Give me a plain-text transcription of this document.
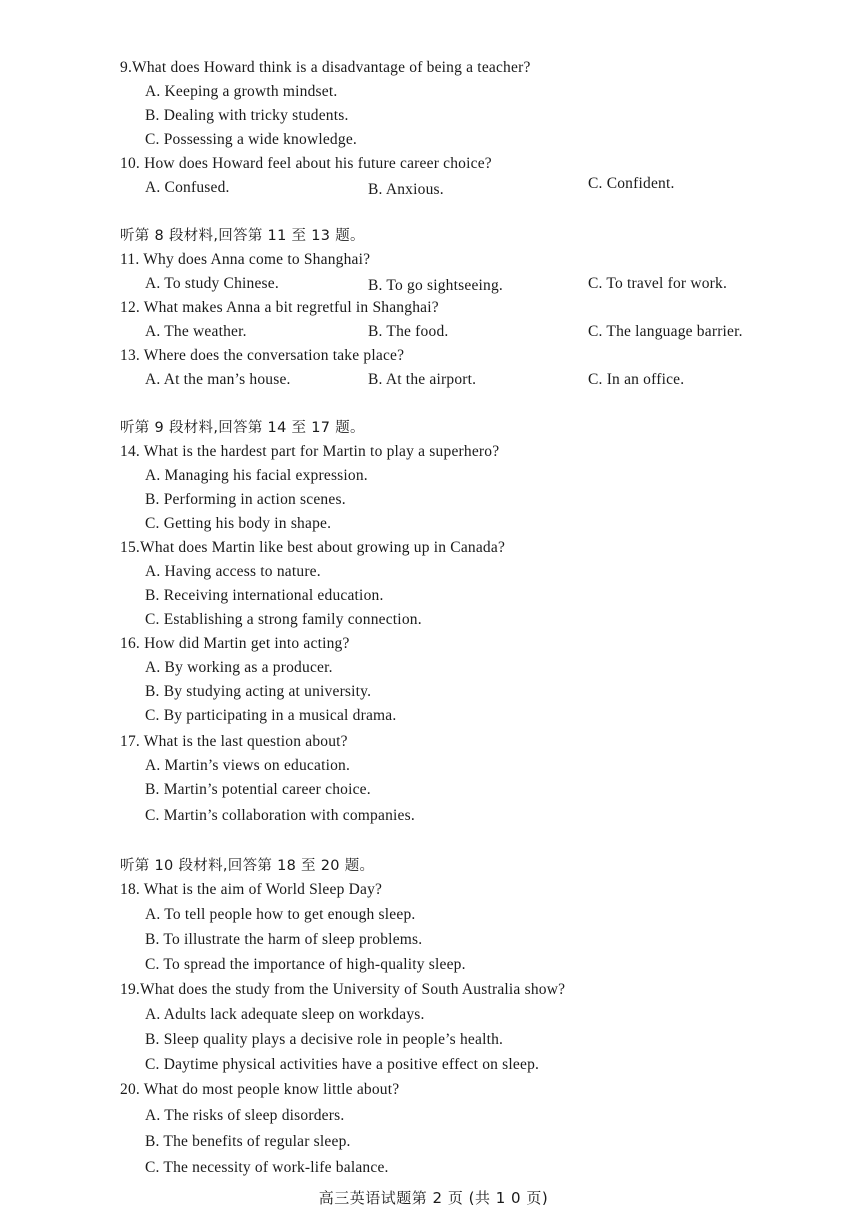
9.What does Howard think is a disadvantage of being a teacher?
A. Keeping a growth mindset.
B. Dealing with tricky students.
C. Possessing a wide knowledge.
10. How does Howard feel about his future career choice?
A. Confused.	B. Anxious.	C. Confident.
听第 8 段材料,回答第 11 至 13 题。
11. Why does Anna come to Shanghai?
A. To study Chinese.	B. To go sightseeing.	C. To travel for work.
12. What makes Anna a bit regretful in Shanghai?
A. The weather.	B. The food.	C. The language barrier.
13. Where does the conversation take place?
A. At the man’s house.	B. At the airport.	C. In an office.
听第 9 段材料,回答第 14 至 17 题。
14. What is the hardest part for Martin to play a superhero?
A. Managing his facial expression.
B. Performing in action scenes.
C. Getting his body in shape.
15.What does Martin like best about growing up in Canada?
A. Having access to nature.
B. Receiving international education.
C. Establishing a strong family connection.
16. How did Martin get into acting?
A. By working as a producer.
B. By studying acting at university.
C. By participating in a musical drama.
17. What is the last question about?
A. Martin’s views on education.
B. Martin’s potential career choice.
C. Martin’s collaboration with companies.
听第 10 段材料,回答第 18 至 20 题。
18. What is the aim of World Sleep Day?
A. To tell people how to get enough sleep.
B. To illustrate the harm of sleep problems.
C. To spread the importance of high-quality sleep.
19.What does the study from the University of South Australia show?
A. Adults lack adequate sleep on workdays.
B. Sleep quality plays a decisive role in people’s health.
C. Daytime physical activities have a positive effect on sleep.
20. What do most people know little about?
A. The risks of sleep disorders.
B. The benefits of regular sleep.
C. The necessity of work-life balance.
高三英语试题第 2 页 (共 1 0 页)
